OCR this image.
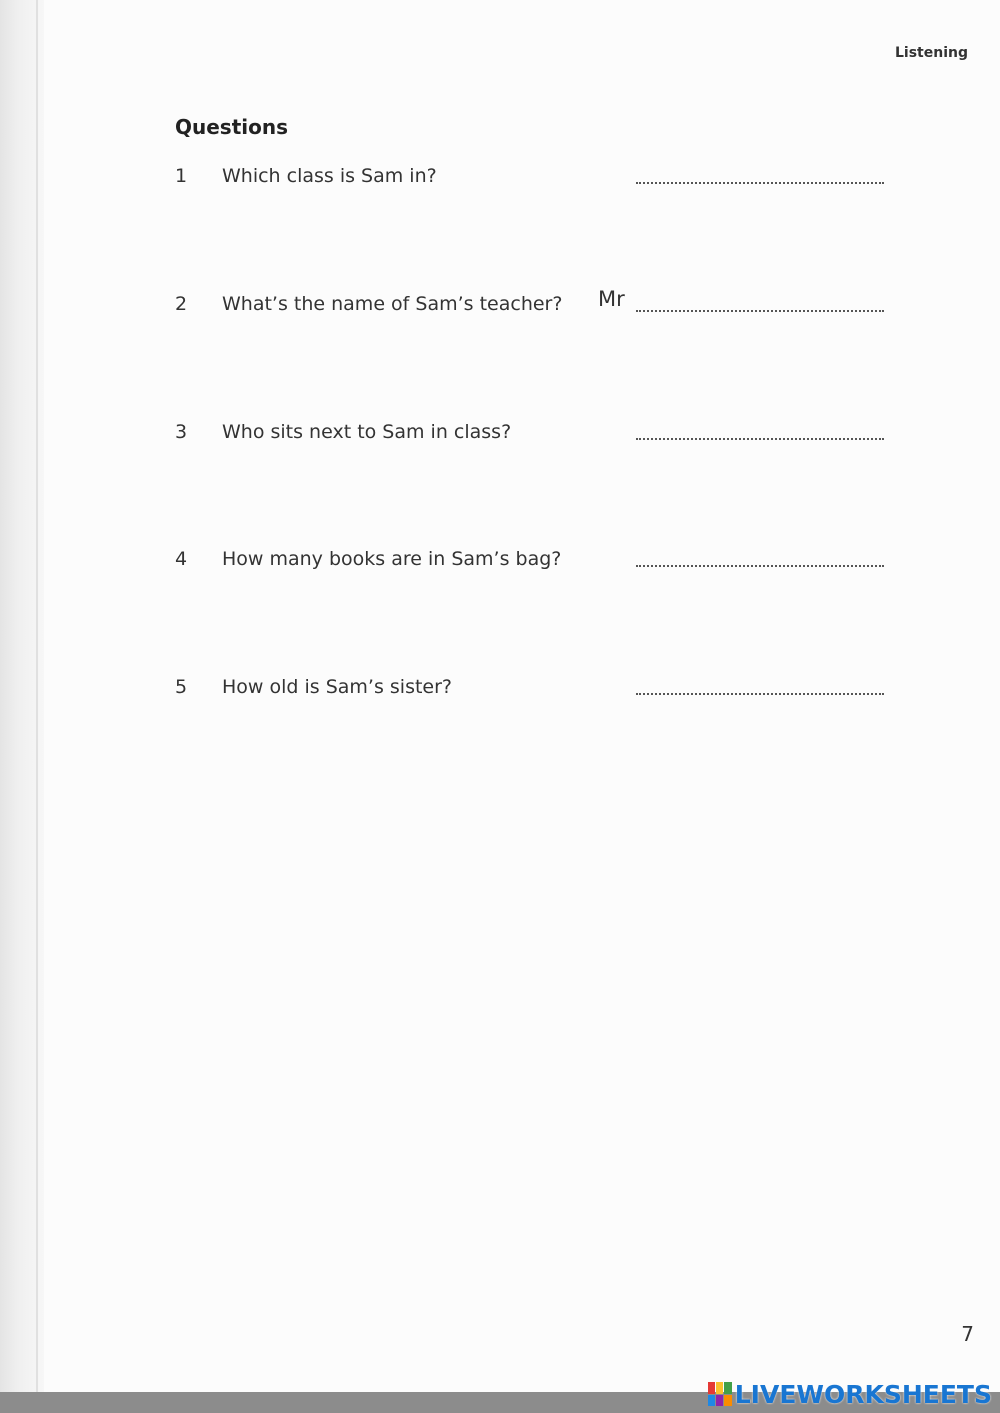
Listening
Questions
1 Which class is Sam in?
2 What’s the name of Sam’s teacher? Mr
3 Who sits next to Sam in class?
4 How many books are in Sam’s bag?
5 How old is Sam’s sister?
7
LIVEWORKSHEETS
